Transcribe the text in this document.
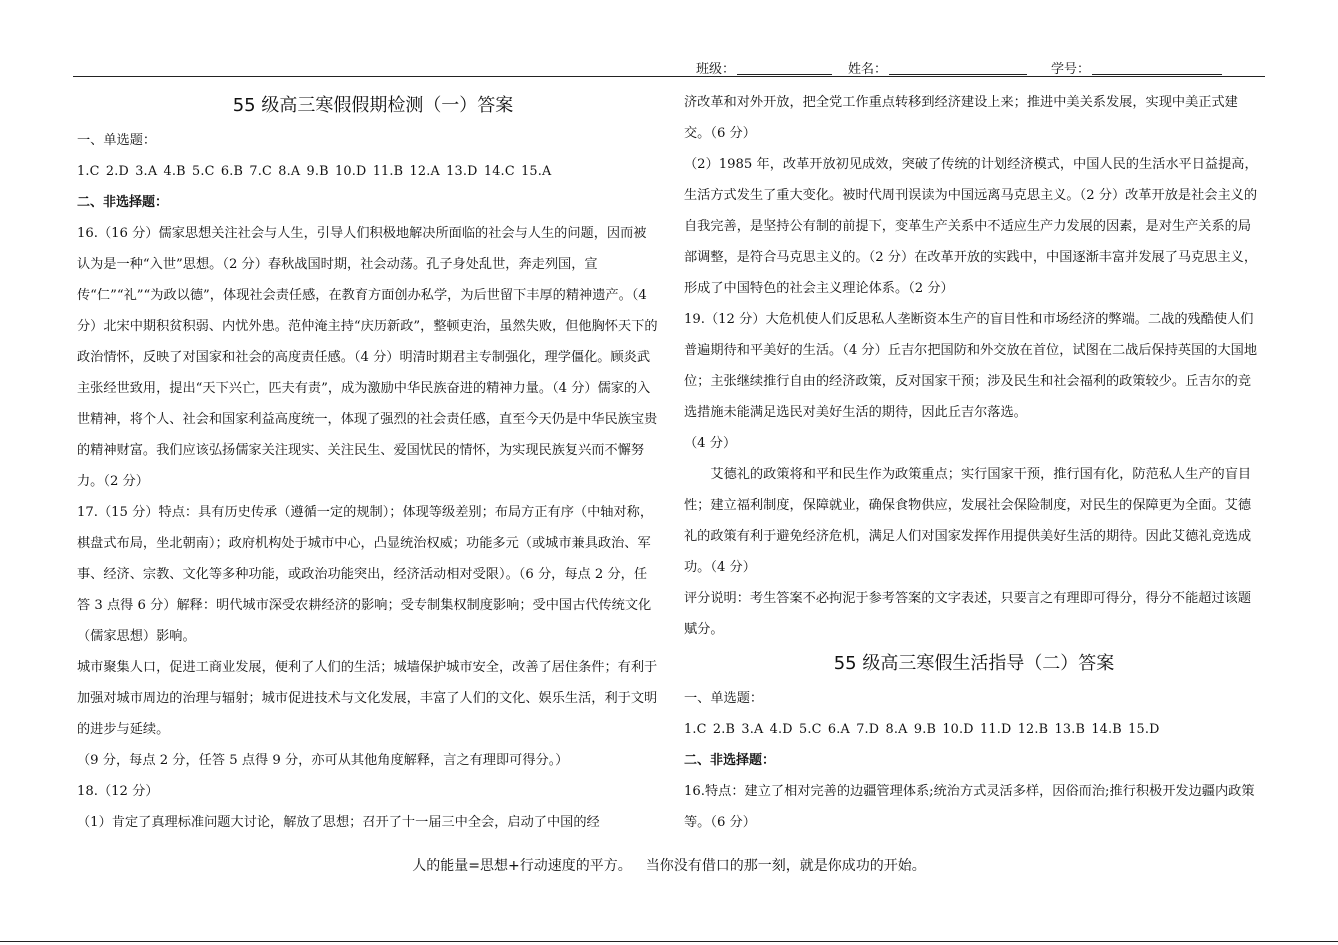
班级：	姓名：	学号：
55 级高三寒假假期检测（一）答案

一、单选题：

1.C 2.D 3.A 4.B 5.C 6.B 7.C 8.A 9.B 10.D 11.B 12.A 13.D 14.C 15.A

二、非选择题：

16.（16 分）儒家思想关注社会与人生，引导人们积极地解决所面临的社会与人生的问题，因而被认为是一种“入世”思想。（2 分）春秋战国时期，社会动荡。孔子身处乱世，奔走列国，宣传“仁”“礼”“为政以德”，体现社会责任感，在教育方面创办私学，为后世留下丰厚的精神遗产。（4 分）北宋中期积贫积弱、内忧外患。范仲淹主持“庆历新政”，整顿吏治，虽然失败，但他胸怀天下的政治情怀，反映了对国家和社会的高度责任感。（4 分）明清时期君主专制强化，理学僵化。顾炎武主张经世致用，提出“天下兴亡，匹夫有责”，成为激励中华民族奋进的精神力量。（4 分）儒家的入世精神，将个人、社会和国家利益高度统一，体现了强烈的社会责任感，直至今天仍是中华民族宝贵的精神财富。我们应该弘扬儒家关注现实、关注民生、爱国忧民的情怀，为实现民族复兴而不懈努力。（2 分）

17.（15 分）特点：具有历史传承（遵循一定的规制）；体现等级差别；布局方正有序（中轴对称，棋盘式布局，坐北朝南）；政府机构处于城市中心，凸显统治权威；功能多元（或城市兼具政治、军事、经济、宗教、文化等多种功能，或政治功能突出，经济活动相对受限）。（6 分，每点 2 分，任答 3 点得 6 分）解释：明代城市深受农耕经济的影响；受专制集权制度影响；受中国古代传统文化（儒家思想）影响。

城市聚集人口，促进工商业发展，便利了人们的生活；城墙保护城市安全，改善了居住条件；有利于加强对城市周边的治理与辐射；城市促进技术与文化发展，丰富了人们的文化、娱乐生活，利于文明的进步与延续。

（9 分，每点 2 分，任答 5 点得 9 分，亦可从其他角度解释，言之有理即可得分。）

18.（12 分）

（1）肯定了真理标准问题大讨论，解放了思想；召开了十一届三中全会，启动了中国的经

济改革和对外开放，把全党工作重点转移到经济建设上来；推进中美关系发展，实现中美正式建交。（6 分）

（2）1985 年，改革开放初见成效，突破了传统的计划经济模式，中国人民的生活水平日益提高，生活方式发生了重大变化。被时代周刊误读为中国远离马克思主义。（2 分）改革开放是社会主义的自我完善，是坚持公有制的前提下，变革生产关系中不适应生产力发展的因素，是对生产关系的局部调整，是符合马克思主义的。（2 分）在改革开放的实践中，中国逐渐丰富并发展了马克思主义，形成了中国特色的社会主义理论体系。（2 分）

19.（12 分）大危机使人们反思私人垄断资本生产的盲目性和市场经济的弊端。二战的残酷使人们普遍期待和平美好的生活。（4 分）丘吉尔把国防和外交放在首位，试图在二战后保持英国的大国地位；主张继续推行自由的经济政策，反对国家干预；涉及民生和社会福利的政策较少。丘吉尔的竞选措施未能满足选民对美好生活的期待，因此丘吉尔落选。

（4 分）

艾德礼的政策将和平和民生作为政策重点；实行国家干预，推行国有化，防范私人生产的盲目性；建立福利制度，保障就业，确保食物供应，发展社会保险制度，对民生的保障更为全面。艾德礼的政策有利于避免经济危机，满足人们对国家发挥作用提供美好生活的期待。因此艾德礼竞选成功。（4 分）

评分说明：考生答案不必拘泥于参考答案的文字表述，只要言之有理即可得分，得分不能超过该题赋分。

55 级高三寒假生活指导（二）答案

一、单选题：

1.C 2.B 3.A 4.D 5.C 6.A 7.D 8.A 9.B 10.D 11.D 12.B 13.B 14.B 15.D

二、非选择题：

16.特点：建立了相对完善的边疆管理体系;统治方式灵活多样，因俗而治;推行积极开发边疆内政策等。（6 分）

人的能量=思想+行动速度的平方。 当你没有借口的那一刻，就是你成功的开始。
